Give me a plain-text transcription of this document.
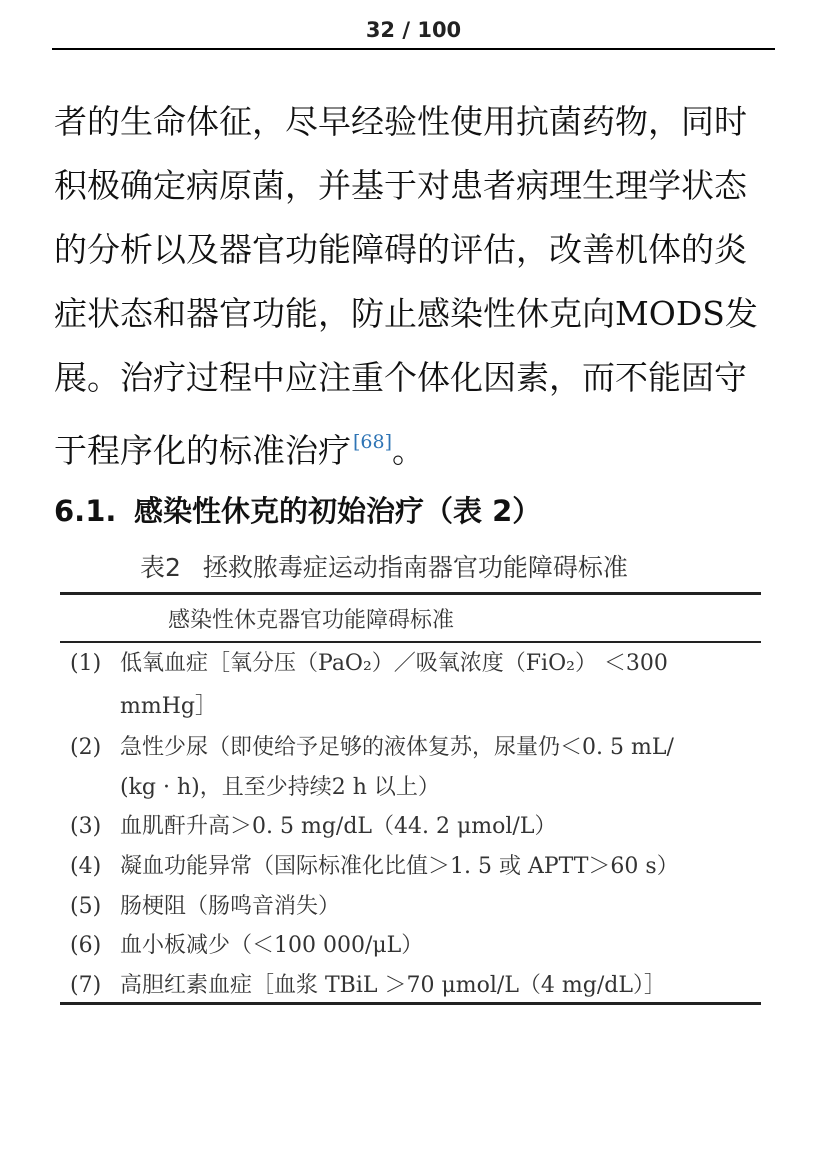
32 / 100
者的生命体征，尽早经验性使用抗菌药物，同时
积极确定病原菌，并基于对患者病理生理学状态
的分析以及器官功能障碍的评估，改善机体的炎
症状态和器官功能，防止感染性休克向MODS发
展。治疗过程中应注重个体化因素，而不能固守
于程序化的标准治疗 [68]。
6.1. 感染性休克的初始治疗（表 2）
表2 拯救脓毒症运动指南器官功能障碍标准
感染性休克器官功能障碍标准
(1) 低氧血症［氧分压（PaO₂）／吸氧浓度（FiO₂） ＜300
mmHg］
(2) 急性少尿（即使给予足够的液体复苏，尿量仍＜0. 5 mL/
(kg · h)，且至少持续2 h 以上）
(3) 血肌酐升高＞0. 5 mg/dL（44. 2 μmol/L）
(4) 凝血功能异常（国际标准化比值＞1. 5 或 APTT＞60 s）
(5) 肠梗阻（肠鸣音消失）
(6) 血小板减少（＜100 000/μL）
(7) 高胆红素血症［血浆 TBiL ＞70 μmol/L（4 mg/dL）］
